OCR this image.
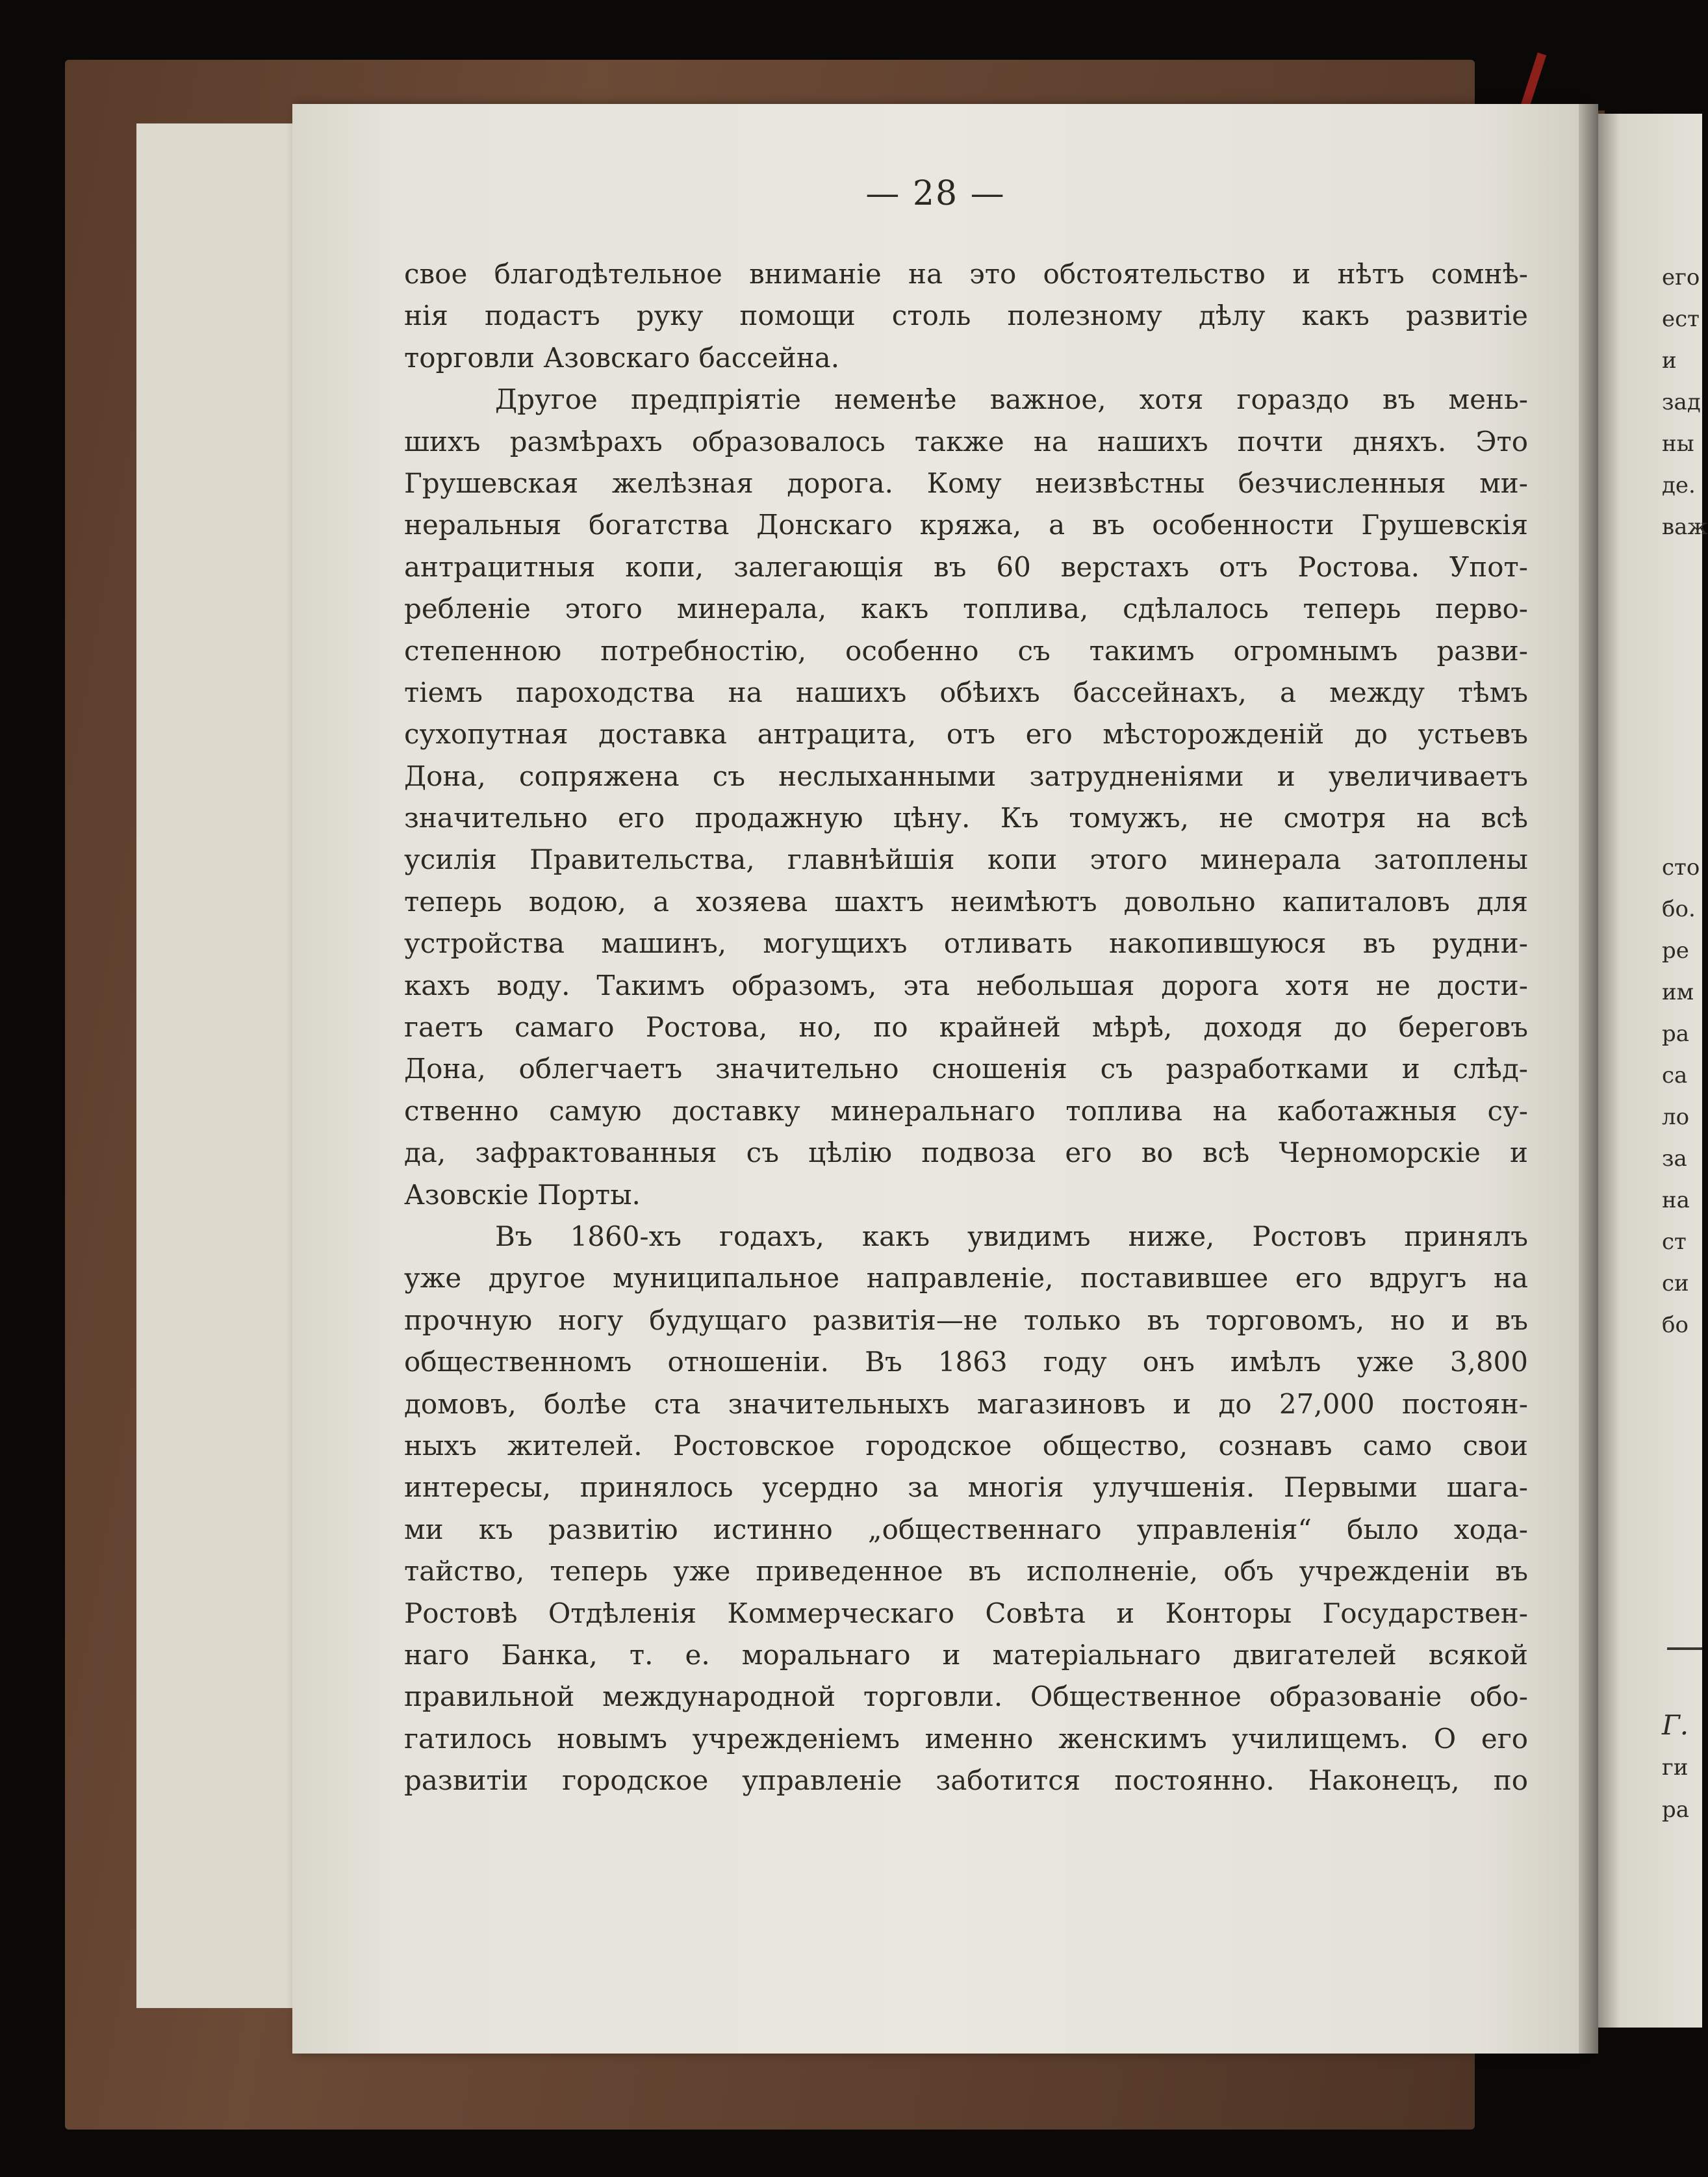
его
ест
и
зад
ны
де.
важ
сто
бо.
ре
им
ра
са
ло
за
на
ст
си
бо
Г.
ги
ра
— 28 —
свое благодѣтельное вниманіе на это обстоятельство и нѣтъ сомнѣ-
нія подастъ руку помощи столь полезному дѣлу какъ развитіе
торговли Азовскаго бассейна.
Другое предпріятіе неменѣе важное, хотя гораздо въ мень-
шихъ размѣрахъ образовалось также на нашихъ почти дняхъ. Это
Грушевская желѣзная дорога. Кому неизвѣстны безчисленныя ми-
неральныя богатства Донскаго кряжа, а въ особенности Грушевскія
антрацитныя копи, залегающія въ 60 верстахъ отъ Ростова. Упот-
ребленіе этого минерала, какъ топлива, сдѣлалось теперь перво-
степенною потребностію, особенно съ такимъ огромнымъ разви-
тіемъ пароходства на нашихъ обѣихъ бассейнахъ, а между тѣмъ
сухопутная доставка антрацита, отъ его мѣсторожденій до устьевъ
Дона, сопряжена съ неслыханными затрудненіями и увеличиваетъ
значительно его продажную цѣну. Къ томужъ, не смотря на всѣ
усилія Правительства, главнѣйшія копи этого минерала затоплены
теперь водою, а хозяева шахтъ неимѣютъ довольно капиталовъ для
устройства машинъ, могущихъ отливать накопившуюся въ рудни-
кахъ воду. Такимъ образомъ, эта небольшая дорога хотя не дости-
гаетъ самаго Ростова, но, по крайней мѣрѣ, доходя до береговъ
Дона, облегчаетъ значительно сношенія съ разработками и слѣд-
ственно самую доставку минеральнаго топлива на каботажныя су-
да, зафрактованныя съ цѣлію подвоза его во всѣ Черноморскіе и
Азовскіе Порты.
Въ 1860-хъ годахъ, какъ увидимъ ниже, Ростовъ принялъ
уже другое муниципальное направленіе, поставившее его вдругъ на
прочную ногу будущаго развитія—не только въ торговомъ, но и въ
общественномъ отношеніи. Въ 1863 году онъ имѣлъ уже 3,800
домовъ, болѣе ста значительныхъ магазиновъ и до 27,000 постоян-
ныхъ жителей. Ростовское городское общество, сознавъ само свои
интересы, принялось усердно за многія улучшенія. Первыми шага-
ми къ развитію истинно „общественнаго управленія“ было хода-
тайство, теперь уже приведенное въ исполненіе, объ учрежденіи въ
Ростовѣ Отдѣленія Коммерческаго Совѣта и Конторы Государствен-
наго Банка, т. е. моральнаго и матеріальнаго двигателей всякой
правильной международной торговли. Общественное образованіе обо-
гатилось новымъ учрежденіемъ именно женскимъ училищемъ. О его
развитіи городское управленіе заботится постоянно. Наконецъ, по
